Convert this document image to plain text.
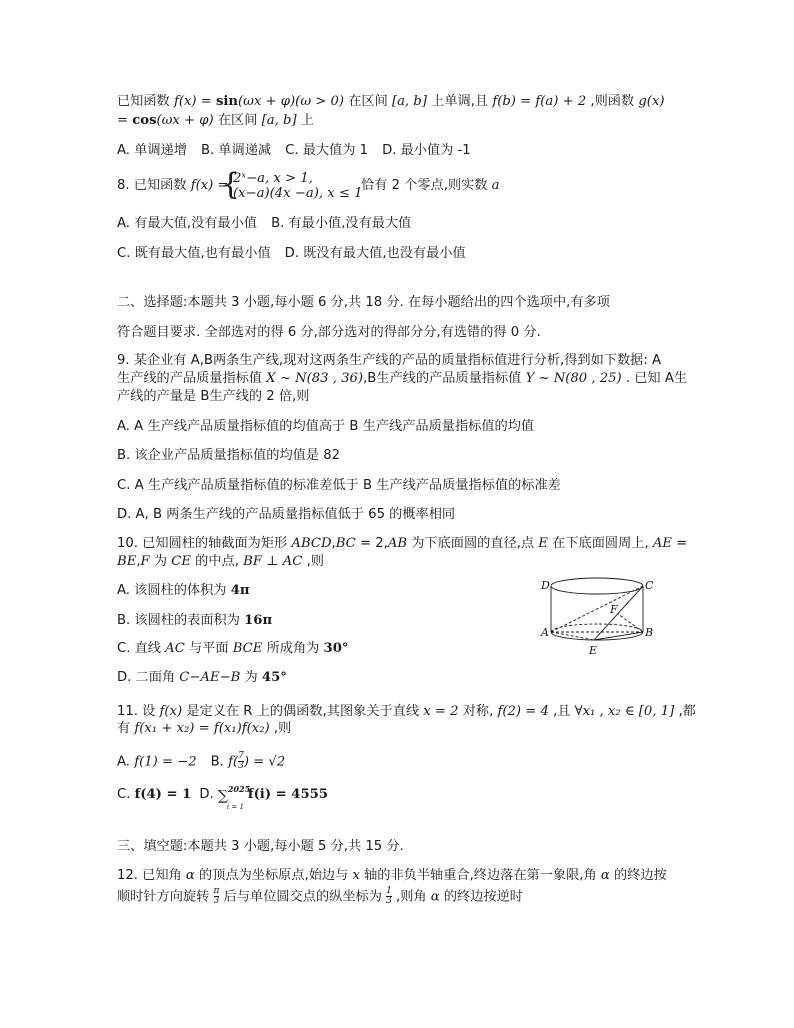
已知函数 f(x) = sin(ωx + φ)(ω > 0) 在区间 [a, b] 上单调,且 f(b) = f(a) + 2 ,则函数 g(x)
= cos(ωx + φ) 在区间 [a, b] 上
A. 单调递增 B. 单调递减 C. 最大值为 1 D. 最小值为 -1
8. 已知函数 f(x) =
{
2ˣ−a, x > 1,
(x−a)(4x −a), x ≤ 1
恰有 2 个零点,则实数 a
A. 有最大值,没有最小值 B. 有最小值,没有最大值
C. 既有最大值,也有最小值 D. 既没有最大值,也没有最小值
二、选择题:本题共 3 小题,每小题 6 分,共 18 分. 在每小题给出的四个选项中,有多项
符合题目要求. 全部选对的得 6 分,部分选对的得部分分,有选错的得 0 分.
9. 某企业有 A,B两条生产线,现对这两条生产线的产品的质量指标值进行分析,得到如下数据: A
生产线的产品质量指标值 X ~ N(83 , 36),B生产线的产品质量指标值 Y ~ N(80 , 25) . 已知 A生
产线的产量是 B生产线的 2 倍,则
A. A 生产线产品质量指标值的均值高于 B 生产线产品质量指标值的均值
B. 该企业产品质量指标值的均值是 82
C. A 生产线产品质量指标值的标准差低于 B 生产线产品质量指标值的标准差
D. A, B 两条生产线的产品质量指标值低于 65 的概率相同
10. 已知圆柱的轴截面为矩形 ABCD,BC = 2,AB 为下底面圆的直径,点 E 在下底面圆周上, AE =
BE,F 为 CE 的中点, BF ⊥ AC ,则
A. 该圆柱的体积为 4π
B. 该圆柱的表面积为 16π
C. 直线 AC 与平面 BCE 所成角为 30°
D. 二面角 C−AE−B 为 45°
D	C
A	B
E
F
11. 设 f(x) 是定义在 R 上的偶函数,其图象关于直线 x = 2 对称, f(2) = 4 ,且 ∀x₁ , x₂ ∈ [0, 1] ,都
有 f(x₁ + x₂) = f(x₁)f(x₂) ,则
A. f(1) = −2 B. $f( \frac{7}{3}$ ) = √2
C. f(4) = 1 D. ∑ 2025
i = 1
f(i) = 4555
三、填空题:本题共 3 小题,每小题 5 分,共 15 分.
12. 已知角 α 的顶点为坐标原点,始边与 x 轴的非负半轴重合,终边落在第一象限,角 α 的终边按
顺时针方向旋转 $\frac{\pi}{3}$ 后与单位圆交点的纵坐标为 $\frac{1}{3}$ ,则角 α 的终边按逆时
